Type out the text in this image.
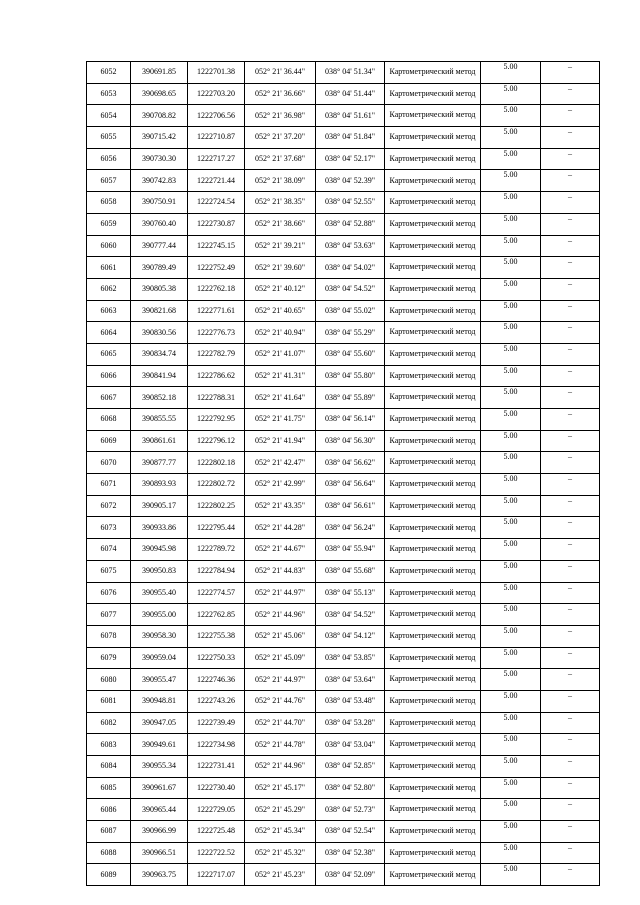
6052	390691.85	1222701.38	052° 21' 36.44"	038° 04' 51.34"	Картометрический метод	5.00	–
6053	390698.65	1222703.20	052° 21' 36.66"	038° 04' 51.44"	Картометрический метод	5.00	–
6054	390708.82	1222706.56	052° 21' 36.98"	038° 04' 51.61"	Картометрический метод	5.00	–
6055	390715.42	1222710.87	052° 21' 37.20"	038° 04' 51.84"	Картометрический метод	5.00	–
6056	390730.30	1222717.27	052° 21' 37.68"	038° 04' 52.17"	Картометрический метод	5.00	–
6057	390742.83	1222721.44	052° 21' 38.09"	038° 04' 52.39"	Картометрический метод	5.00	–
6058	390750.91	1222724.54	052° 21' 38.35"	038° 04' 52.55"	Картометрический метод	5.00	–
6059	390760.40	1222730.87	052° 21' 38.66"	038° 04' 52.88"	Картометрический метод	5.00	–
6060	390777.44	1222745.15	052° 21' 39.21"	038° 04' 53.63"	Картометрический метод	5.00	–
6061	390789.49	1222752.49	052° 21' 39.60"	038° 04' 54.02"	Картометрический метод	5.00	–
6062	390805.38	1222762.18	052° 21' 40.12"	038° 04' 54.52"	Картометрический метод	5.00	–
6063	390821.68	1222771.61	052° 21' 40.65"	038° 04' 55.02"	Картометрический метод	5.00	–
6064	390830.56	1222776.73	052° 21' 40.94"	038° 04' 55.29"	Картометрический метод	5.00	–
6065	390834.74	1222782.79	052° 21' 41.07"	038° 04' 55.60"	Картометрический метод	5.00	–
6066	390841.94	1222786.62	052° 21' 41.31"	038° 04' 55.80"	Картометрический метод	5.00	–
6067	390852.18	1222788.31	052° 21' 41.64"	038° 04' 55.89"	Картометрический метод	5.00	–
6068	390855.55	1222792.95	052° 21' 41.75"	038° 04' 56.14"	Картометрический метод	5.00	–
6069	390861.61	1222796.12	052° 21' 41.94"	038° 04' 56.30"	Картометрический метод	5.00	–
6070	390877.77	1222802.18	052° 21' 42.47"	038° 04' 56.62"	Картометрический метод	5.00	–
6071	390893.93	1222802.72	052° 21' 42.99"	038° 04' 56.64"	Картометрический метод	5.00	–
6072	390905.17	1222802.25	052° 21' 43.35"	038° 04' 56.61"	Картометрический метод	5.00	–
6073	390933.86	1222795.44	052° 21' 44.28"	038° 04' 56.24"	Картометрический метод	5.00	–
6074	390945.98	1222789.72	052° 21' 44.67"	038° 04' 55.94"	Картометрический метод	5.00	–
6075	390950.83	1222784.94	052° 21' 44.83"	038° 04' 55.68"	Картометрический метод	5.00	–
6076	390955.40	1222774.57	052° 21' 44.97"	038° 04' 55.13"	Картометрический метод	5.00	–
6077	390955.00	1222762.85	052° 21' 44.96"	038° 04' 54.52"	Картометрический метод	5.00	–
6078	390958.30	1222755.38	052° 21' 45.06"	038° 04' 54.12"	Картометрический метод	5.00	–
6079	390959.04	1222750.33	052° 21' 45.09"	038° 04' 53.85"	Картометрический метод	5.00	–
6080	390955.47	1222746.36	052° 21' 44.97"	038° 04' 53.64"	Картометрический метод	5.00	–
6081	390948.81	1222743.26	052° 21' 44.76"	038° 04' 53.48"	Картометрический метод	5.00	–
6082	390947.05	1222739.49	052° 21' 44.70"	038° 04' 53.28"	Картометрический метод	5.00	–
6083	390949.61	1222734.98	052° 21' 44.78"	038° 04' 53.04"	Картометрический метод	5.00	–
6084	390955.34	1222731.41	052° 21' 44.96"	038° 04' 52.85"	Картометрический метод	5.00	–
6085	390961.67	1222730.40	052° 21' 45.17"	038° 04' 52.80"	Картометрический метод	5.00	–
6086	390965.44	1222729.05	052° 21' 45.29"	038° 04' 52.73"	Картометрический метод	5.00	–
6087	390966.99	1222725.48	052° 21' 45.34"	038° 04' 52.54"	Картометрический метод	5.00	–
6088	390966.51	1222722.52	052° 21' 45.32"	038° 04' 52.38"	Картометрический метод	5.00	–
6089	390963.75	1222717.07	052° 21' 45.23"	038° 04' 52.09"	Картометрический метод	5.00	–
